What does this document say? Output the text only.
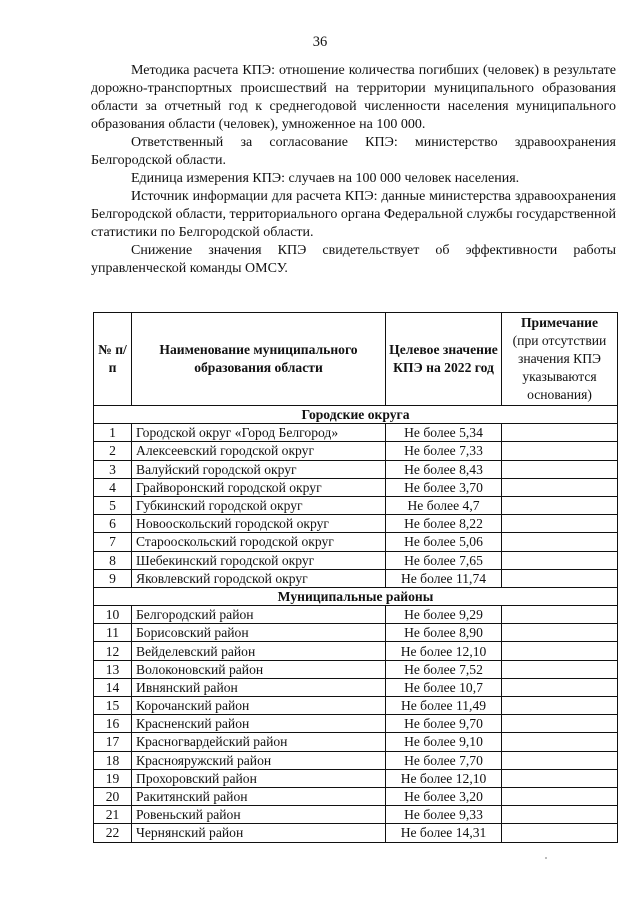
36

Методика расчета КПЭ: отношение количества погибших (человек) в результате дорожно-транспортных происшествий на территории муниципального образования области за отчетный год к среднегодовой численности населения муниципального образования области (человек), умноженное на 100 000.

Ответственный за согласование КПЭ: министерство здравоохранения Белгородской области.

Единица измерения КПЭ: случаев на 100 000 человек населения.

Источник информации для расчета КПЭ: данные министерства здравоохранения Белгородской области, территориального органа Федеральной службы государственной статистики по Белгородской области.

Снижение значения КПЭ свидетельствует об эффективности работы управленческой команды ОМСУ.

№ п/п	Наименование муниципального образования области	Целевое значение КПЭ на 2022 год	Примечание
(при отсутствии значения КПЭ указываются основания)
Городские округа			
1	Городской округ «Город Белгород»	Не более 5,34	
2	Алексеевский городской округ	Не более 7,33	
3	Валуйский городской округ	Не более 8,43	
4	Грайворонский городской округ	Не более 3,70	
5	Губкинский городской округ	Не более 4,7	
6	Новооскольский городской округ	Не более 8,22	
7	Старооскольский городской округ	Не более 5,06	
8	Шебекинский городской округ	Не более 7,65	
9	Яковлевский городской округ	Не более 11,74	
Муниципальные районы			
10	Белгородский район	Не более 9,29	
11	Борисовский район	Не более 8,90	
12	Вейделевский район	Не более 12,10	
13	Волоконовский район	Не более 7,52	
14	Ивнянский район	Не более 10,7	
15	Корочанский район	Не более 11,49	
16	Красненский район	Не более 9,70	
17	Красногвардейский район	Не более 9,10	
18	Краснояружский район	Не более 7,70	
19	Прохоровский район	Не более 12,10	
20	Ракитянский район	Не более 3,20	
21	Ровеньский район	Не более 9,33	
22	Чернянский район	Не более 14,31	
